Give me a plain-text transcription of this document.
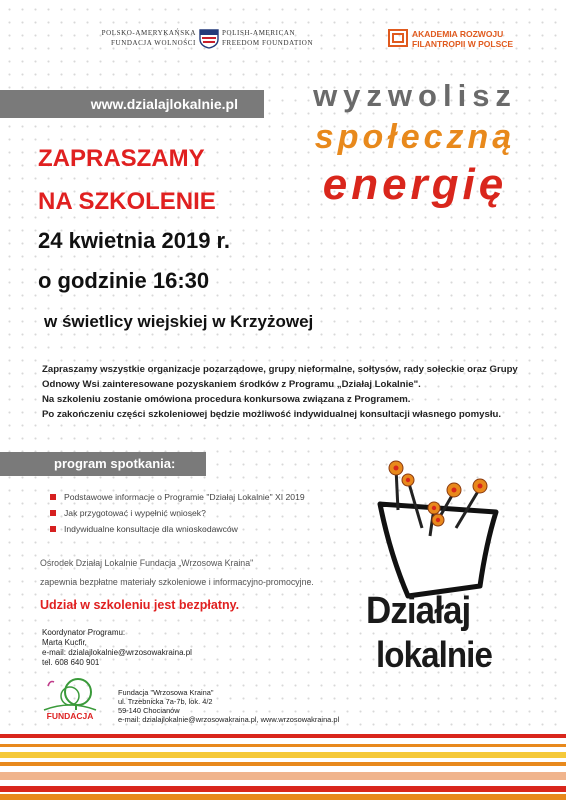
POLSKO-AMERYKAŃSKA
FUNDACJA WOLNOŚCI
POLISH-AMERICAN
FREEDOM FOUNDATION
AKADEMIA ROZWOJU
FILANTROPII W POLSCE
www.dzialajlokalnie.pl	wyzwolisz
społeczną
energię
ZAPRASZAMY
NA SZKOLENIE
24 kwietnia 2019 r.
o godzinie 16:30
w świetlicy wiejskiej w Krzyżowej
Zapraszamy wszystkie organizacje pozarządowe, grupy nieformalne, sołtysów, rady sołeckie oraz Grupy
Odnowy Wsi zainteresowane pozyskaniem środków z Programu „Działaj Lokalnie".
Na szkoleniu zostanie omówiona procedura konkursowa związana z Programem.
Po zakończeniu części szkoleniowej będzie możliwość indywidualnej konsultacji własnego pomysłu.
program spotkania:
Podstawowe informacje o Programie "Działaj Lokalnie" XI 2019
Jak przygotować i wypełnić wniosek?
Indywidualne konsultacje dla wnioskodawców
Ośrodek Działaj Lokalnie Fundacja „Wrzosowa Kraina"
zapewnia bezpłatne materiały szkoleniowe i informacyjno-promocyjne.
Udział w szkoleniu jest bezpłatny.
Koordynator Programu:
Marta Kucfir,
e-mail: dzialajlokalnie@wrzosowakraina.pl
tel. 608 640 901
FUNDACJA
Fundacja "Wrzosowa Kraina"
ul. Trzebnicka 7a-7b, lok. 4/2
59-140 Chocianów
e-mail: dzialajlokalnie@wrzosowakraina.pl, www.wrzosowakraina.pl
Działaj
lokalnie
